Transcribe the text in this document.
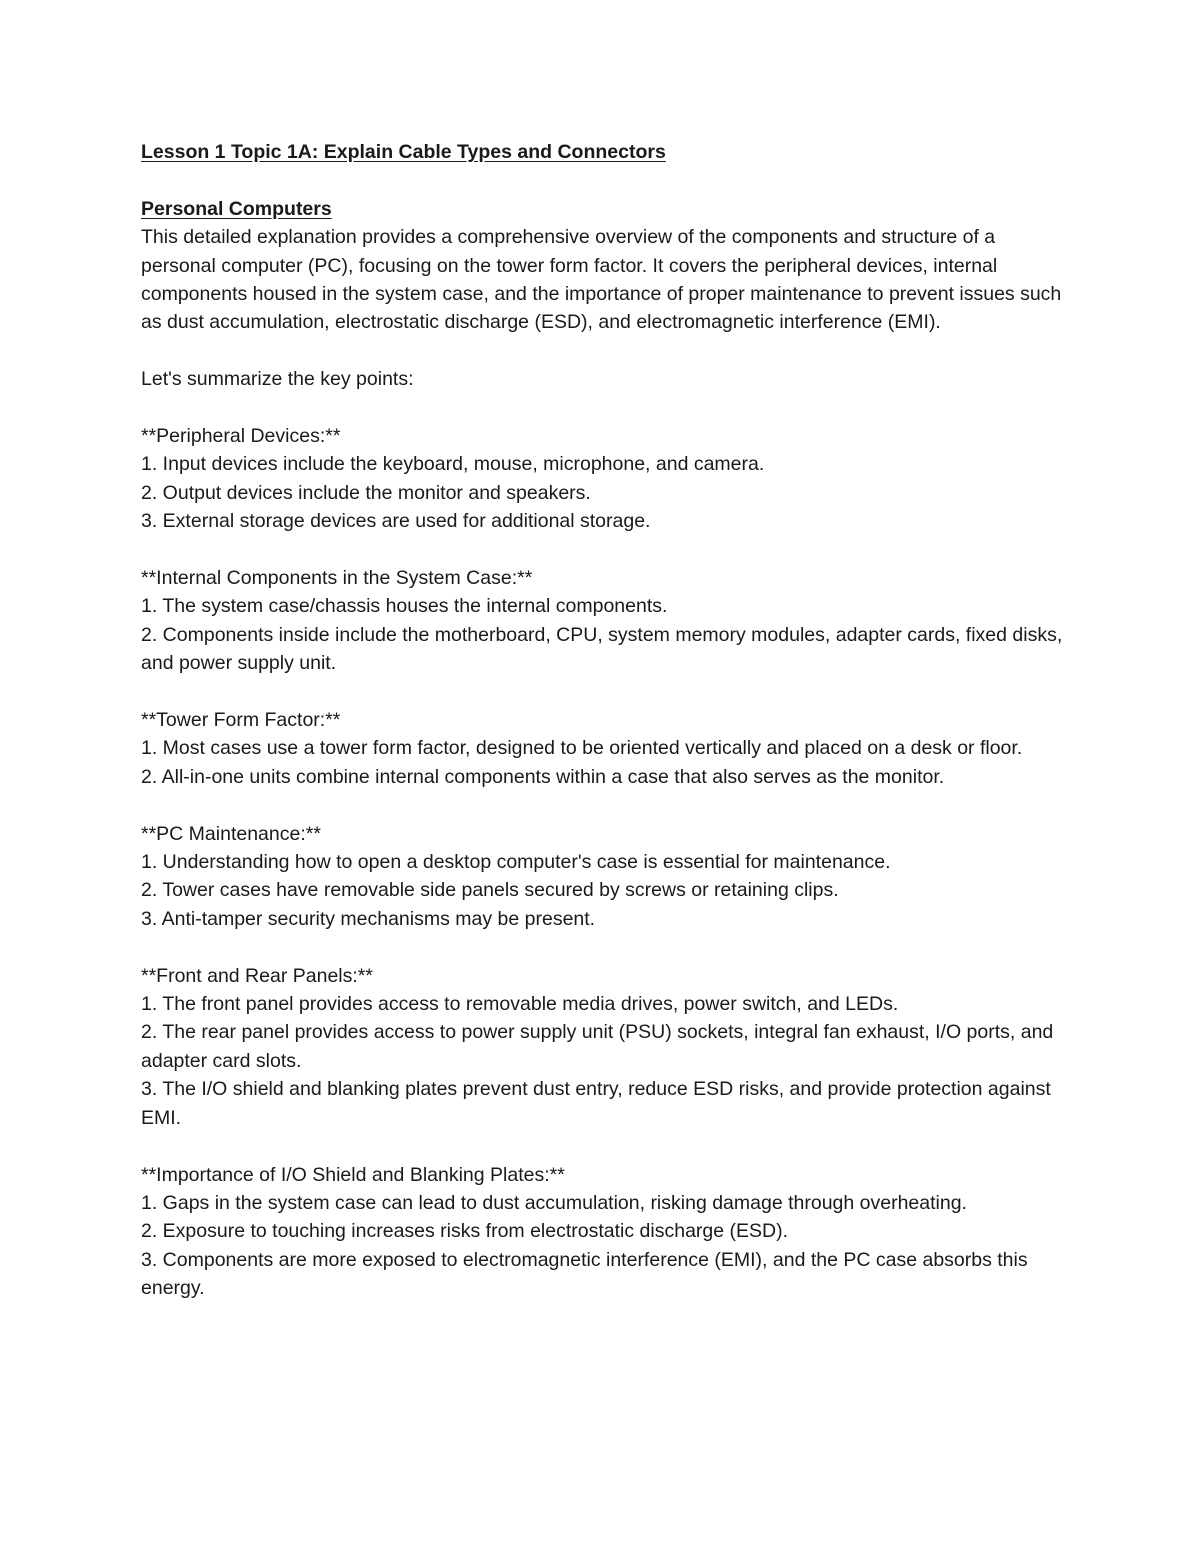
Lesson 1 Topic 1A: Explain Cable Types and Connectors
Personal Computers

This detailed explanation provides a comprehensive overview of the components and structure of a personal computer (PC), focusing on the tower form factor. It covers the peripheral devices, internal components housed in the system case, and the importance of proper maintenance to prevent issues such as dust accumulation, electrostatic discharge (ESD), and electromagnetic interference (EMI).

Let's summarize the key points:

**Peripheral Devices:**

1. Input devices include the keyboard, mouse, microphone, and camera.

2. Output devices include the monitor and speakers.

3. External storage devices are used for additional storage.

**Internal Components in the System Case:**

1. The system case/chassis houses the internal components.

2. Components inside include the motherboard, CPU, system memory modules, adapter cards, fixed disks, and power supply unit.

**Tower Form Factor:**

1. Most cases use a tower form factor, designed to be oriented vertically and placed on a desk or floor.

2. All-in-one units combine internal components within a case that also serves as the monitor.

**PC Maintenance:**

1. Understanding how to open a desktop computer's case is essential for maintenance.

2. Tower cases have removable side panels secured by screws or retaining clips.

3. Anti-tamper security mechanisms may be present.

**Front and Rear Panels:**

1. The front panel provides access to removable media drives, power switch, and LEDs.

2. The rear panel provides access to power supply unit (PSU) sockets, integral fan exhaust, I/O ports, and adapter card slots.

3. The I/O shield and blanking plates prevent dust entry, reduce ESD risks, and provide protection against EMI.

**Importance of I/O Shield and Blanking Plates:**

1. Gaps in the system case can lead to dust accumulation, risking damage through overheating.

2. Exposure to touching increases risks from electrostatic discharge (ESD).

3. Components are more exposed to electromagnetic interference (EMI), and the PC case absorbs this energy.
